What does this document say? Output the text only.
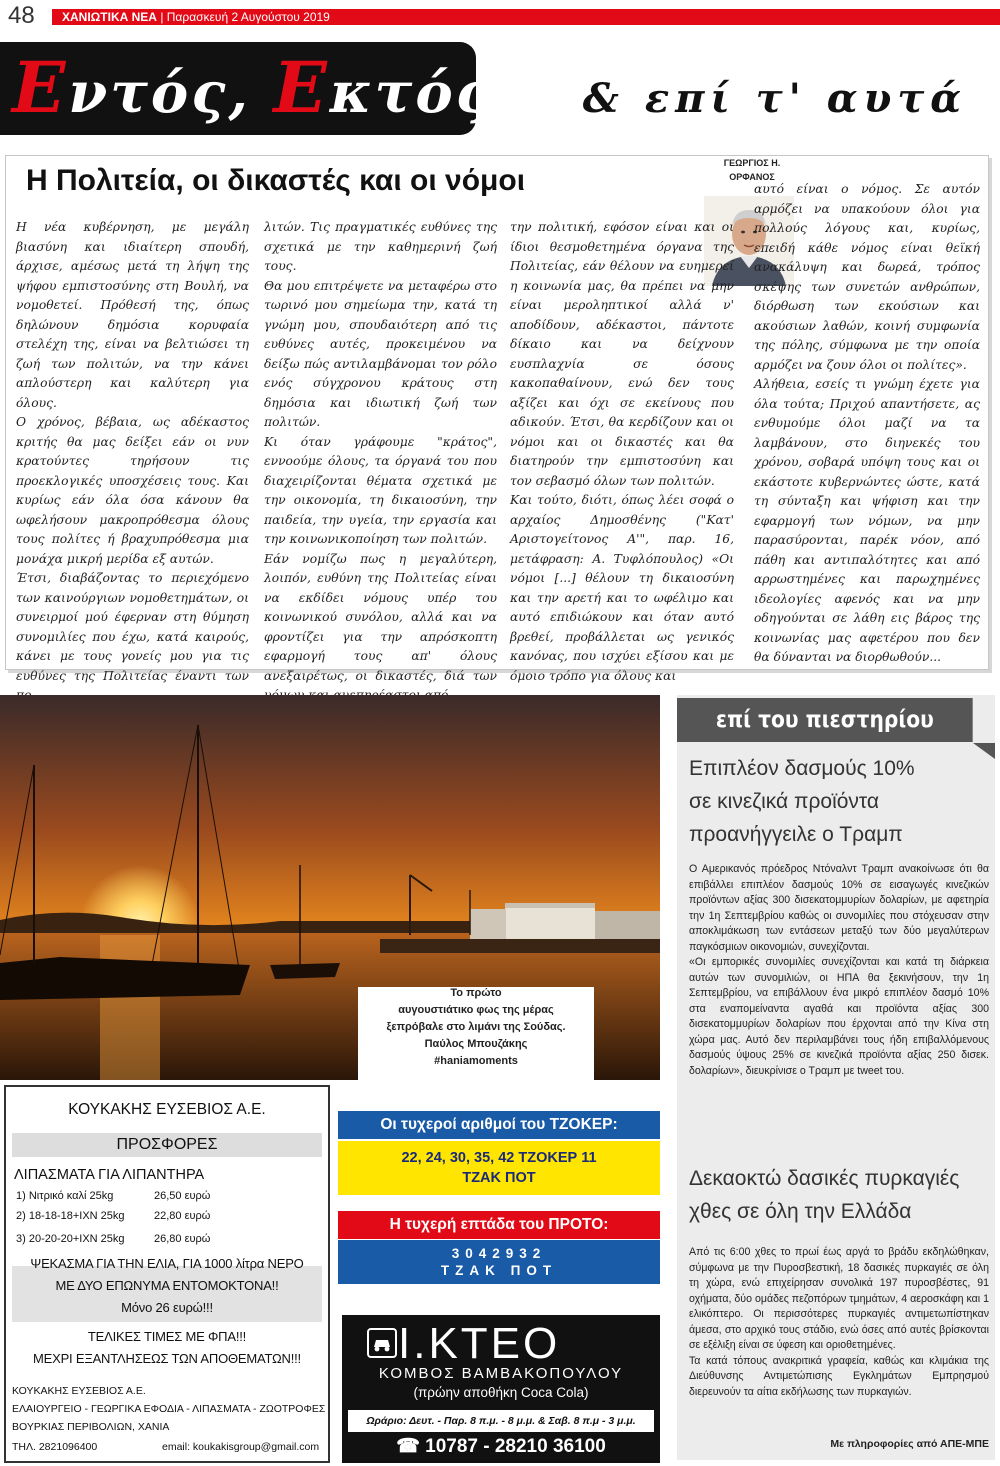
48 ΧΑΝΙΩΤΙΚΑ ΝΕΑ | Παρασκευή 2 Αυγούστου 2019
Εντός, Εκτός... & επί τ' αυτά
Η Πολιτεία, οι δικαστές και οι νόμοι
ΓΕΩΡΓΙΟΣ Η.
ΟΡΦΑΝΟΣ

Η νέα κυβέρνηση, με μεγάλη βιασύνη και ιδιαίτερη σπουδή, άρχισε, αμέσως μετά τη λήψη της ψήφου εμπιστοσύνης στη Βουλή, να νομοθετεί. Πρόθεσή της, όπως δηλώνουν δημόσια κορυφαία στελέχη της, είναι να βελτιώσει τη ζωή των πολιτών, να την κάνει απλούστερη και καλύτερη για όλους.

Ο χρόνος, βέβαια, ως αδέκαστος κριτής θα μας δείξει εάν οι νυν κρατούντες τηρήσουν τις προεκλογικές υποσχέσεις τους. Και κυρίως εάν όλα όσα κάνουν θα ωφελήσουν μακροπρόθεσμα όλους τους πολίτες ή βραχυπρόθεσμα μια μονάχα μικρή μερίδα εξ αυτών.

Έτσι, διαβάζοντας το περιεχόμενο των καινούργιων νομοθετημάτων, οι συνειρμοί μού έφερναν στη θύμηση συνομιλίες που έχω, κατά καιρούς, κάνει με τους γονείς μου για τις ευθύνες της Πολιτείας έναντι των

λιτών. Τις πραγματικές ευθύνες της σχετικά με την καθημερινή ζωή τους.

Θα μου επιτρέψετε να μεταφέρω στο τωρινό μου σημείωμα την, κατά τη γνώμη μου, σπουδαιότερη από τις ευθύνες αυτές, προκειμένου να δείξω πώς αντιλαμβάνομαι τον ρόλο ενός σύγχρονου κράτους στη δημόσια και ιδιωτική ζωή των πολιτών.

Κι όταν γράφουμε "κράτος", εννοούμε όλους, τα όργανά του που διαχειρίζονται θέματα σχετικά με την οικονομία, τη δικαιοσύνη, την παιδεία, την υγεία, την εργασία και την κοινωνικοποίηση των πολιτών.

Εάν νομίζω πως η μεγαλύτερη, λοιπόν, ευθύνη της Πολιτείας είναι να εκδίδει νόμους υπέρ του κοινωνικού συνόλου, αλλά και να φροντίζει για την απρόσκοπτη εφαρμογή τους απ' όλους ανεξαιρέτως, οι δικαστές, διά των

την πολιτική, εφόσον είναι και οι ίδιοι θεσμοθετημένα όργανα της Πολιτείας, εάν θέλουν να ευημερεί η κοινωνία μας, θα πρέπει να μην είναι μεροληπτικοί αλλά ν' αποδίδουν, αδέκαστοι, πάντοτε δίκαιο και να δείχνουν ευσπλαχνία σε όσους κακοπαθαίνουν, ενώ δεν τους αξίζει και όχι σε εκείνους που αδικούν. Έτσι, θα κερδίζουν και οι νόμοι και οι δικαστές και θα διατηρούν την εμπιστοσύνη και τον σεβασμό όλων των πολιτών.

Και τούτο, διότι, όπως λέει σοφά ο αρχαίος Δημοσθένης ("Κατ' Αριστογείτονος Α'", παρ. 16, μετάφραση: Α. Τυφλόπουλος) «Οι νόμοι [...] θέλουν τη δικαιοσύνη και την αρετή και το ωφέλιμο και αυτό επιδιώκουν και όταν αυτό βρεθεί, προβάλλεται ως γενικός κανόνας, που ισχύει εξίσου και με όμοιο τρόπο για όλους και

αυτό είναι ο νόμος. Σε αυτόν αρμόζει να υπακούουν όλοι για πολλούς λόγους και, κυρίως, επειδή κάθε νόμος είναι θεϊκή ανακάλυψη και δωρεά, τρόπος σκέψης των συνετών ανθρώπων, διόρθωση των εκούσιων και ακούσιων λαθών, κοινή συμφωνία της πόλης, σύμφωνα με την οποία αρμόζει να ζουν όλοι οι πολίτες».

Αλήθεια, εσείς τι γνώμη έχετε για όλα τούτα; Πριχού απαντήσετε, ας ενθυμούμε όλοι μαζί να τα λαμβάνουν, στο διηνεκές του χρόνου, σοβαρά υπόψη τους και οι εκάστοτε κυβερνώντες ώστε, κατά τη σύνταξη και ψήφιση και την εφαρμογή των νόμων, να μην παρασύρονται, παρέκ νόον, από πάθη και αντιπαλότητες και από αρρωστημένες και παρωχημένες ιδεολογίες αφενός και να μην οδηγούνται σε λάθη εις βάρος της κοινωνίας μας αφετέρου που δεν θα δύνανται να διορθωθούν...

Το πρώτο
αυγουστιάτικο φως της μέρας
ξεπρόβαλε στο λιμάνι της Σούδας.
Παύλος Μπουζάκης
#haniamoments
ΚΟΥΚΑΚΗΣ ΕΥΣΕΒΙΟΣ Α.Ε.
ΠΡΟΣΦΟΡΕΣ
ΛΙΠΑΣΜΑΤΑ ΓΙΑ ΛΙΠΑΝΤΗΡΑ
1) Νιτρικό καλί 25kg	26,50 ευρώ
2) 18-18-18+ΙΧΝ 25kg	22,80 ευρώ
3) 20-20-20+ΙΧΝ 25kg	26,80 ευρώ
ΨΕΚΑΣΜΑ ΓΙΑ ΤΗΝ ΕΛΙΑ, ΓΙΑ 1000 λίτρα ΝΕΡΟ
ΜΕ ΔΥΟ ΕΠΩΝΥΜΑ ΕΝΤΟΜΟΚΤΟΝΑ!!
Μόνο 26 ευρώ!!!
ΤΕΛΙΚΕΣ ΤΙΜΕΣ ΜΕ ΦΠΑ!!!
ΜΕΧΡΙ ΕΞΑΝΤΛΗΣΕΩΣ ΤΩΝ ΑΠΟΘΕΜΑΤΩΝ!!!
ΚΟΥΚΑΚΗΣ ΕΥΣΕΒΙΟΣ Α.Ε.
ΕΛΑΙΟΥΡΓΕΙΟ - ΓΕΩΡΓΙΚΑ ΕΦΟΔΙΑ - ΛΙΠΑΣΜΑΤΑ - ΖΩΟΤΡΟΦΕΣ
ΒΟΥΡΚΙΑΣ ΠΕΡΙΒΟΛΙΩΝ, ΧΑΝΙΑ
ΤΗΛ. 2821096400	email: koukakisgroup@gmail.com
Οι τυχεροί αριθμοί του ΤΖΟΚΕΡ:
22, 24, 30, 35, 42 ΤΖΟΚΕΡ 11
ΤΖΑΚ ΠΟΤ
Η τυχερή επτάδα του ΠΡΟΤΟ:
3042932
ΤΖΑΚ ΠΟΤ
Ι.ΚΤΕΟ
ΚΟΜΒΟΣ ΒΑΜΒΑΚΟΠΟΥΛΟΥ
(πρώην αποθήκη Coca Cola)
Ωράριο: Δευτ. - Παρ. 8 π.μ. - 8 μ.μ. & Σαβ. 8 π.μ - 3 μ.μ.
☎ 10787 - 28210 36100
επί του πιεστηρίου
Επιπλέον δασμούς 10%
σε κινεζικά προϊόντα
προανήγγειλε ο Τραμπ

Ο Αμερικανός πρόεδρος Ντόναλντ Τραμπ ανακοίνωσε ότι θα επιβάλλει επιπλέον δασμούς 10% σε εισαγωγές κινεζικών προϊόντων αξίας 300 δισεκατομμυρίων δολαρίων, με αφετηρία την 1η Σεπτεμβρίου καθώς οι συνομιλίες που στόχευσαν στην αποκλιμάκωση των εντάσεων μεταξύ των δύο μεγαλύτερων παγκόσμιων οικονομιών, συνεχίζονται.

«Οι εμπορικές συνομιλίες συνεχίζονται και κατά τη διάρκεια αυτών των συνομιλιών, οι ΗΠΑ θα ξεκινήσουν, την 1η Σεπτεμβρίου, να επιβάλλουν ένα μικρό επιπλέον δασμό 10% στα εναπομείναντα αγαθά και προϊόντα αξίας 300 δισεκατομμυρίων δολαρίων που έρχονται από την Κίνα στη χώρα μας. Αυτό δεν περιλαμβάνει τους ήδη επιβαλλόμενους δασμούς ύψους 25% σε κινεζικά προϊόντα αξίας 250 δισεκ. δολαρίων», διευκρίνισε ο Τραμπ με tweet του.

Δεκαοκτώ δασικές πυρκαγιές
χθες σε όλη την Ελλάδα

Από τις 6:00 χθες το πρωί έως αργά το βράδυ εκδηλώθηκαν, σύμφωνα με την Πυροσβεστική, 18 δασικές πυρκαγιές σε όλη τη χώρα, ενώ επιχείρησαν συνολικά 197 πυροσβέστες, 91 οχήματα, δύο ομάδες πεζοπόρων τμημάτων, 4 αεροσκάφη και 1 ελικόπτερο. Οι περισσότερες πυρκαγιές αντιμετωπίστηκαν άμεσα, στο αρχικό τους στάδιο, ενώ όσες από αυτές βρίσκονται σε εξέλιξη είναι σε ύφεση και οριοθετημένες.

Τα κατά τόπους ανακριτικά γραφεία, καθώς και κλιμάκια της Διεύθυνσης Αντιμετώπισης Εγκλημάτων Εμπρησμού διερευνούν τα αίτια εκδήλωσης των πυρκαγιών.

Με πληροφορίες από ΑΠΕ-ΜΠΕ
